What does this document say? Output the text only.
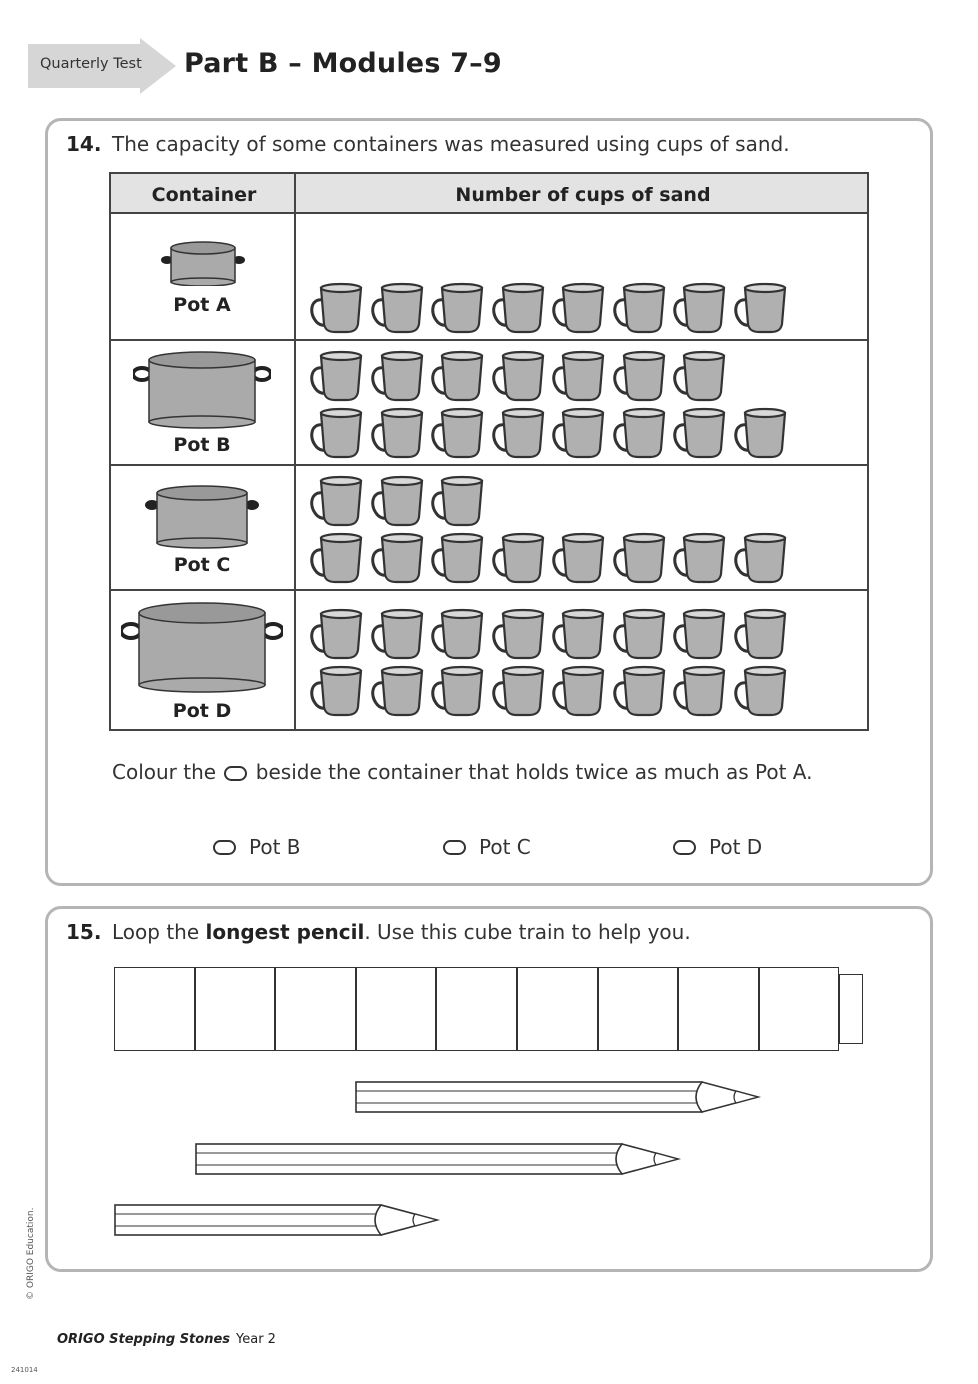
Quarterly Test Part B – Modules 7–9
14. The capacity of some containers was measured using cups of sand.
Container	Number of cups of sand
Pot A
Pot B
Pot C
Pot D
Colour the beside the container that holds twice as much as Pot A.
Pot B	Pot C	Pot D
15. Loop the longest pencil. Use this cube train to help you.
© ORIGO Education.
ORIGO Stepping Stones Year 2
241014
